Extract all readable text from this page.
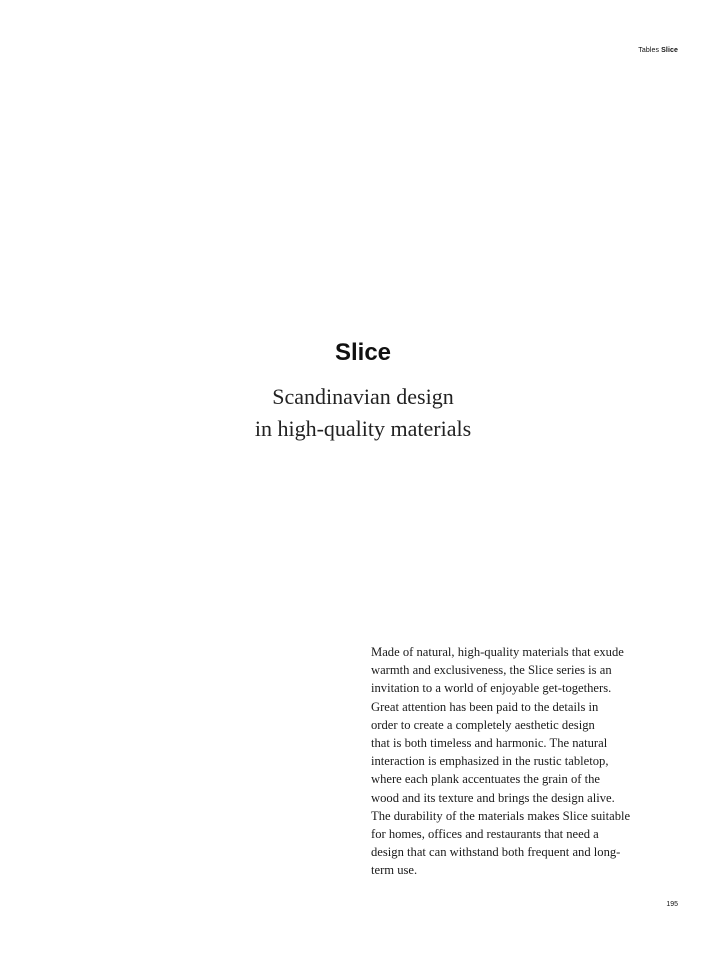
Tables Slice
Slice
Scandinavian design
in high-quality materials
Made of natural, high-quality materials that exude
warmth and exclusiveness, the Slice series is an
invitation to a world of enjoyable get-togethers.
Great attention has been paid to the details in
order to create a completely aesthetic design
that is both timeless and harmonic. The natural
interaction is emphasized in the rustic tabletop,
where each plank accentuates the grain of the
wood and its texture and brings the design alive.
The durability of the materials makes Slice suitable
for homes, offices and restaurants that need a
design that can withstand both frequent and long-
term use.
195
